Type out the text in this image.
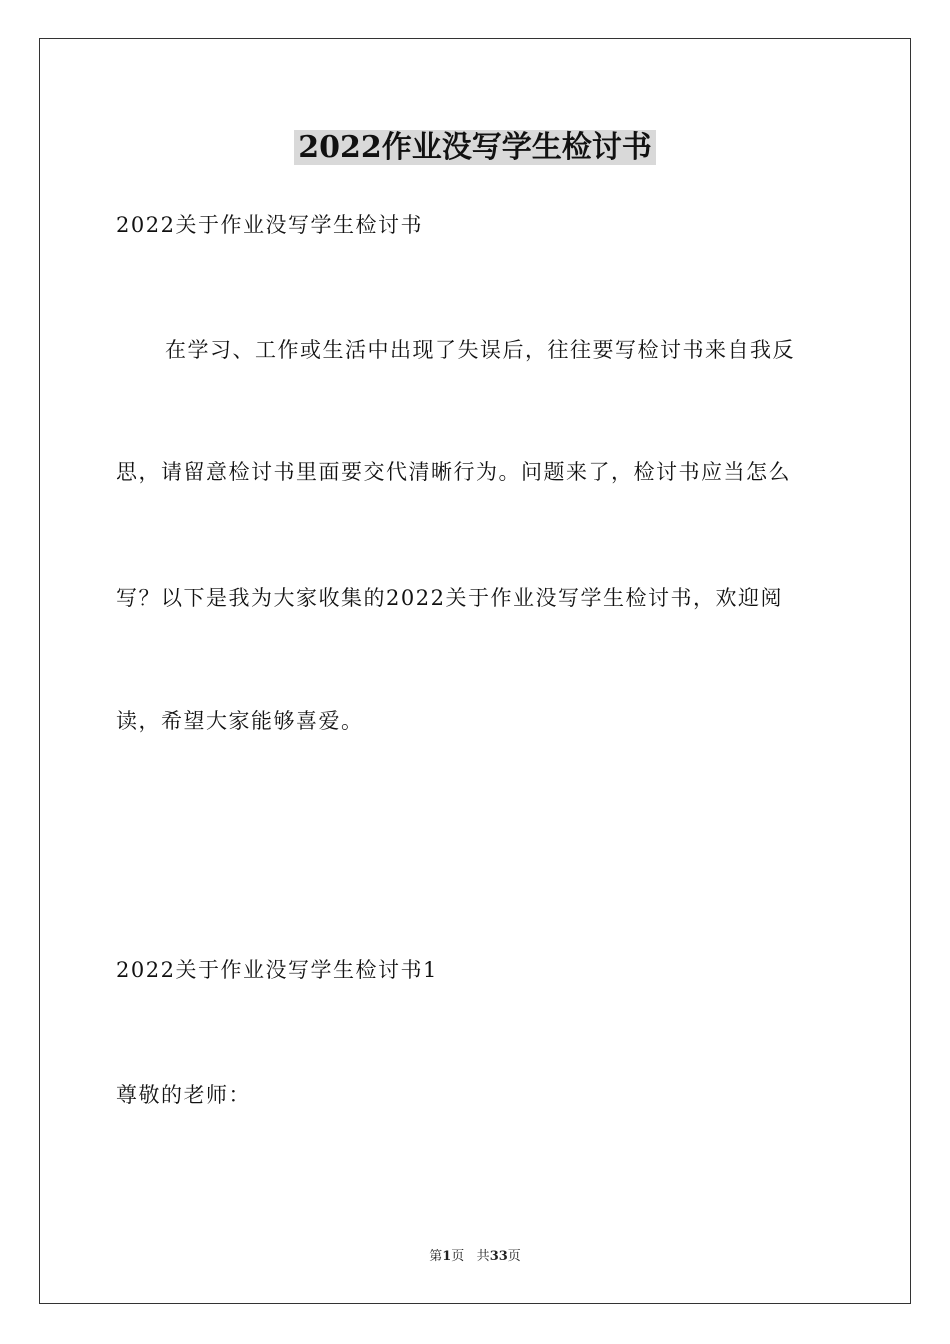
2022作业没写学生检讨书
2022关于作业没写学生检讨书
在学习、工作或生活中出现了失误后，往往要写检讨书来自我反
思，请留意检讨书里面要交代清晰行为。问题来了，检讨书应当怎么
写？以下是我为大家收集的2022关于作业没写学生检讨书，欢迎阅
读，希望大家能够喜爱。
2022关于作业没写学生检讨书1
尊敬的老师：
第1页 共33页
